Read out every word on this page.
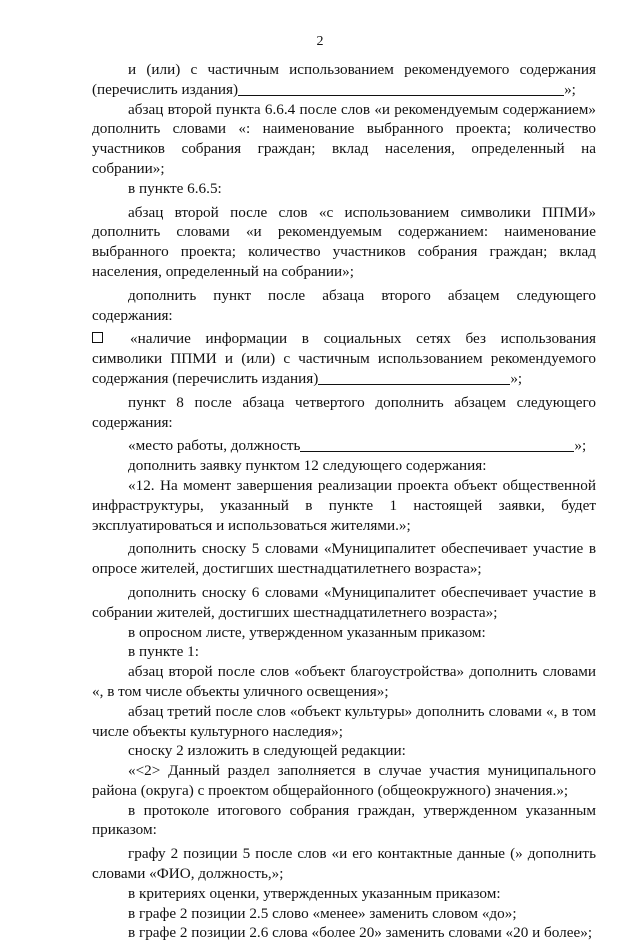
2

и (или) с частичным использованием рекомендуемого содержания (перечислить издания)	»;

абзац второй пункта 6.6.4 после слов «и рекомендуемым содержанием» дополнить словами «: наименование выбранного проекта; количество участников собрания граждан; вклад населения, определенный на собрании»;

в пункте 6.6.5:

абзац второй после слов «с использованием символики ППМИ» дополнить словами «и рекомендуемым содержанием: наименование выбранного проекта; количество участников собрания граждан; вклад населения, определенный на собрании»;

дополнить пункт после абзаца второго абзацем следующего содержания:

«наличие информации в социальных сетях без использования символики ППМИ и (или) с частичным использованием рекомендуемого содержания (перечислить издания)	»;

пункт 8 после абзаца четвертого дополнить абзацем следующего содержания:

«место работы, должность	»;

дополнить заявку пунктом 12 следующего содержания:

«12. На момент завершения реализации проекта объект общественной инфраструктуры, указанный в пункте 1 настоящей заявки, будет эксплуатироваться и использоваться жителями.»;

дополнить сноску 5 словами «Муниципалитет обеспечивает участие в опросе жителей, достигших шестнадцатилетнего возраста»;

дополнить сноску 6 словами «Муниципалитет обеспечивает участие в собрании жителей, достигших шестнадцатилетнего возраста»;

в опросном листе, утвержденном указанным приказом:

в пункте 1:

абзац второй после слов «объект благоустройства» дополнить словами «, в том числе объекты уличного освещения»;

абзац третий после слов «объект культуры» дополнить словами «, в том числе объекты культурного наследия»;

сноску 2 изложить в следующей редакции:

«<2> Данный раздел заполняется в случае участия муниципального района (округа) с проектом общерайонного (общеокружного) значения.»;

в протоколе итогового собрания граждан, утвержденном указанным приказом:

графу 2 позиции 5 после слов «и его контактные данные (» дополнить словами «ФИО, должность,»;

в критериях оценки, утвержденных указанным приказом:

в графе 2 позиции 2.5 слово «менее» заменить словом «до»;

в графе 2 позиции 2.6 слова «более 20» заменить словами «20 и более»;
